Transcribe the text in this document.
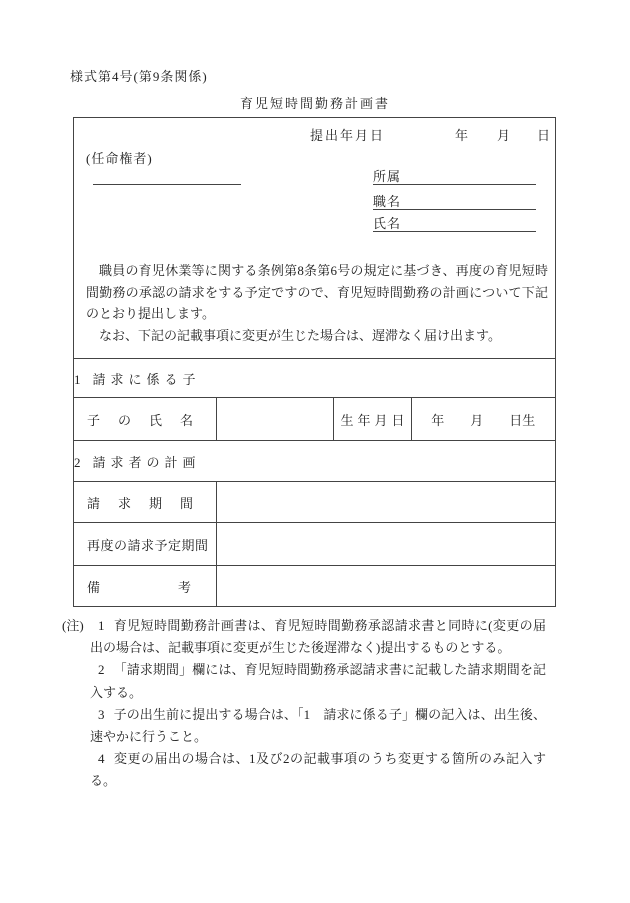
様式第4号(第9条関係)
育児短時間勤務計画書
提出年月日	年 月 日
(任命権者)
所属
職名
氏名

職員の育児休業等に関する条例第8条第6号の規定に基づき、再度の育児短時間勤務の承認の請求をする予定ですので、育児短時間勤務の計画について下記のとおり提出します。

なお、下記の記載事項に変更が生じた場合は、遅滞なく届け出ます。

1 請求に係る子			
子の氏名		生年月日	年　　月　　日生
2 請求者の計画			
請求期間			
再度の請求予定期間			
備考			
(注)	1 育児短時間勤務計画書は、育児短時間勤務承認請求書と同時に(変更の届出の場合は、記載事項に変更が生じた後遅滞なく)提出するものとする。
2 「請求期間」欄には、育児短時間勤務承認請求書に記載した請求期間を記入する。
3 子の出生前に提出する場合は、「1　請求に係る子」欄の記入は、出生後、速やかに行うこと。
4 変更の届出の場合は、1及び2の記載事項のうち変更する箇所のみ記入する。
